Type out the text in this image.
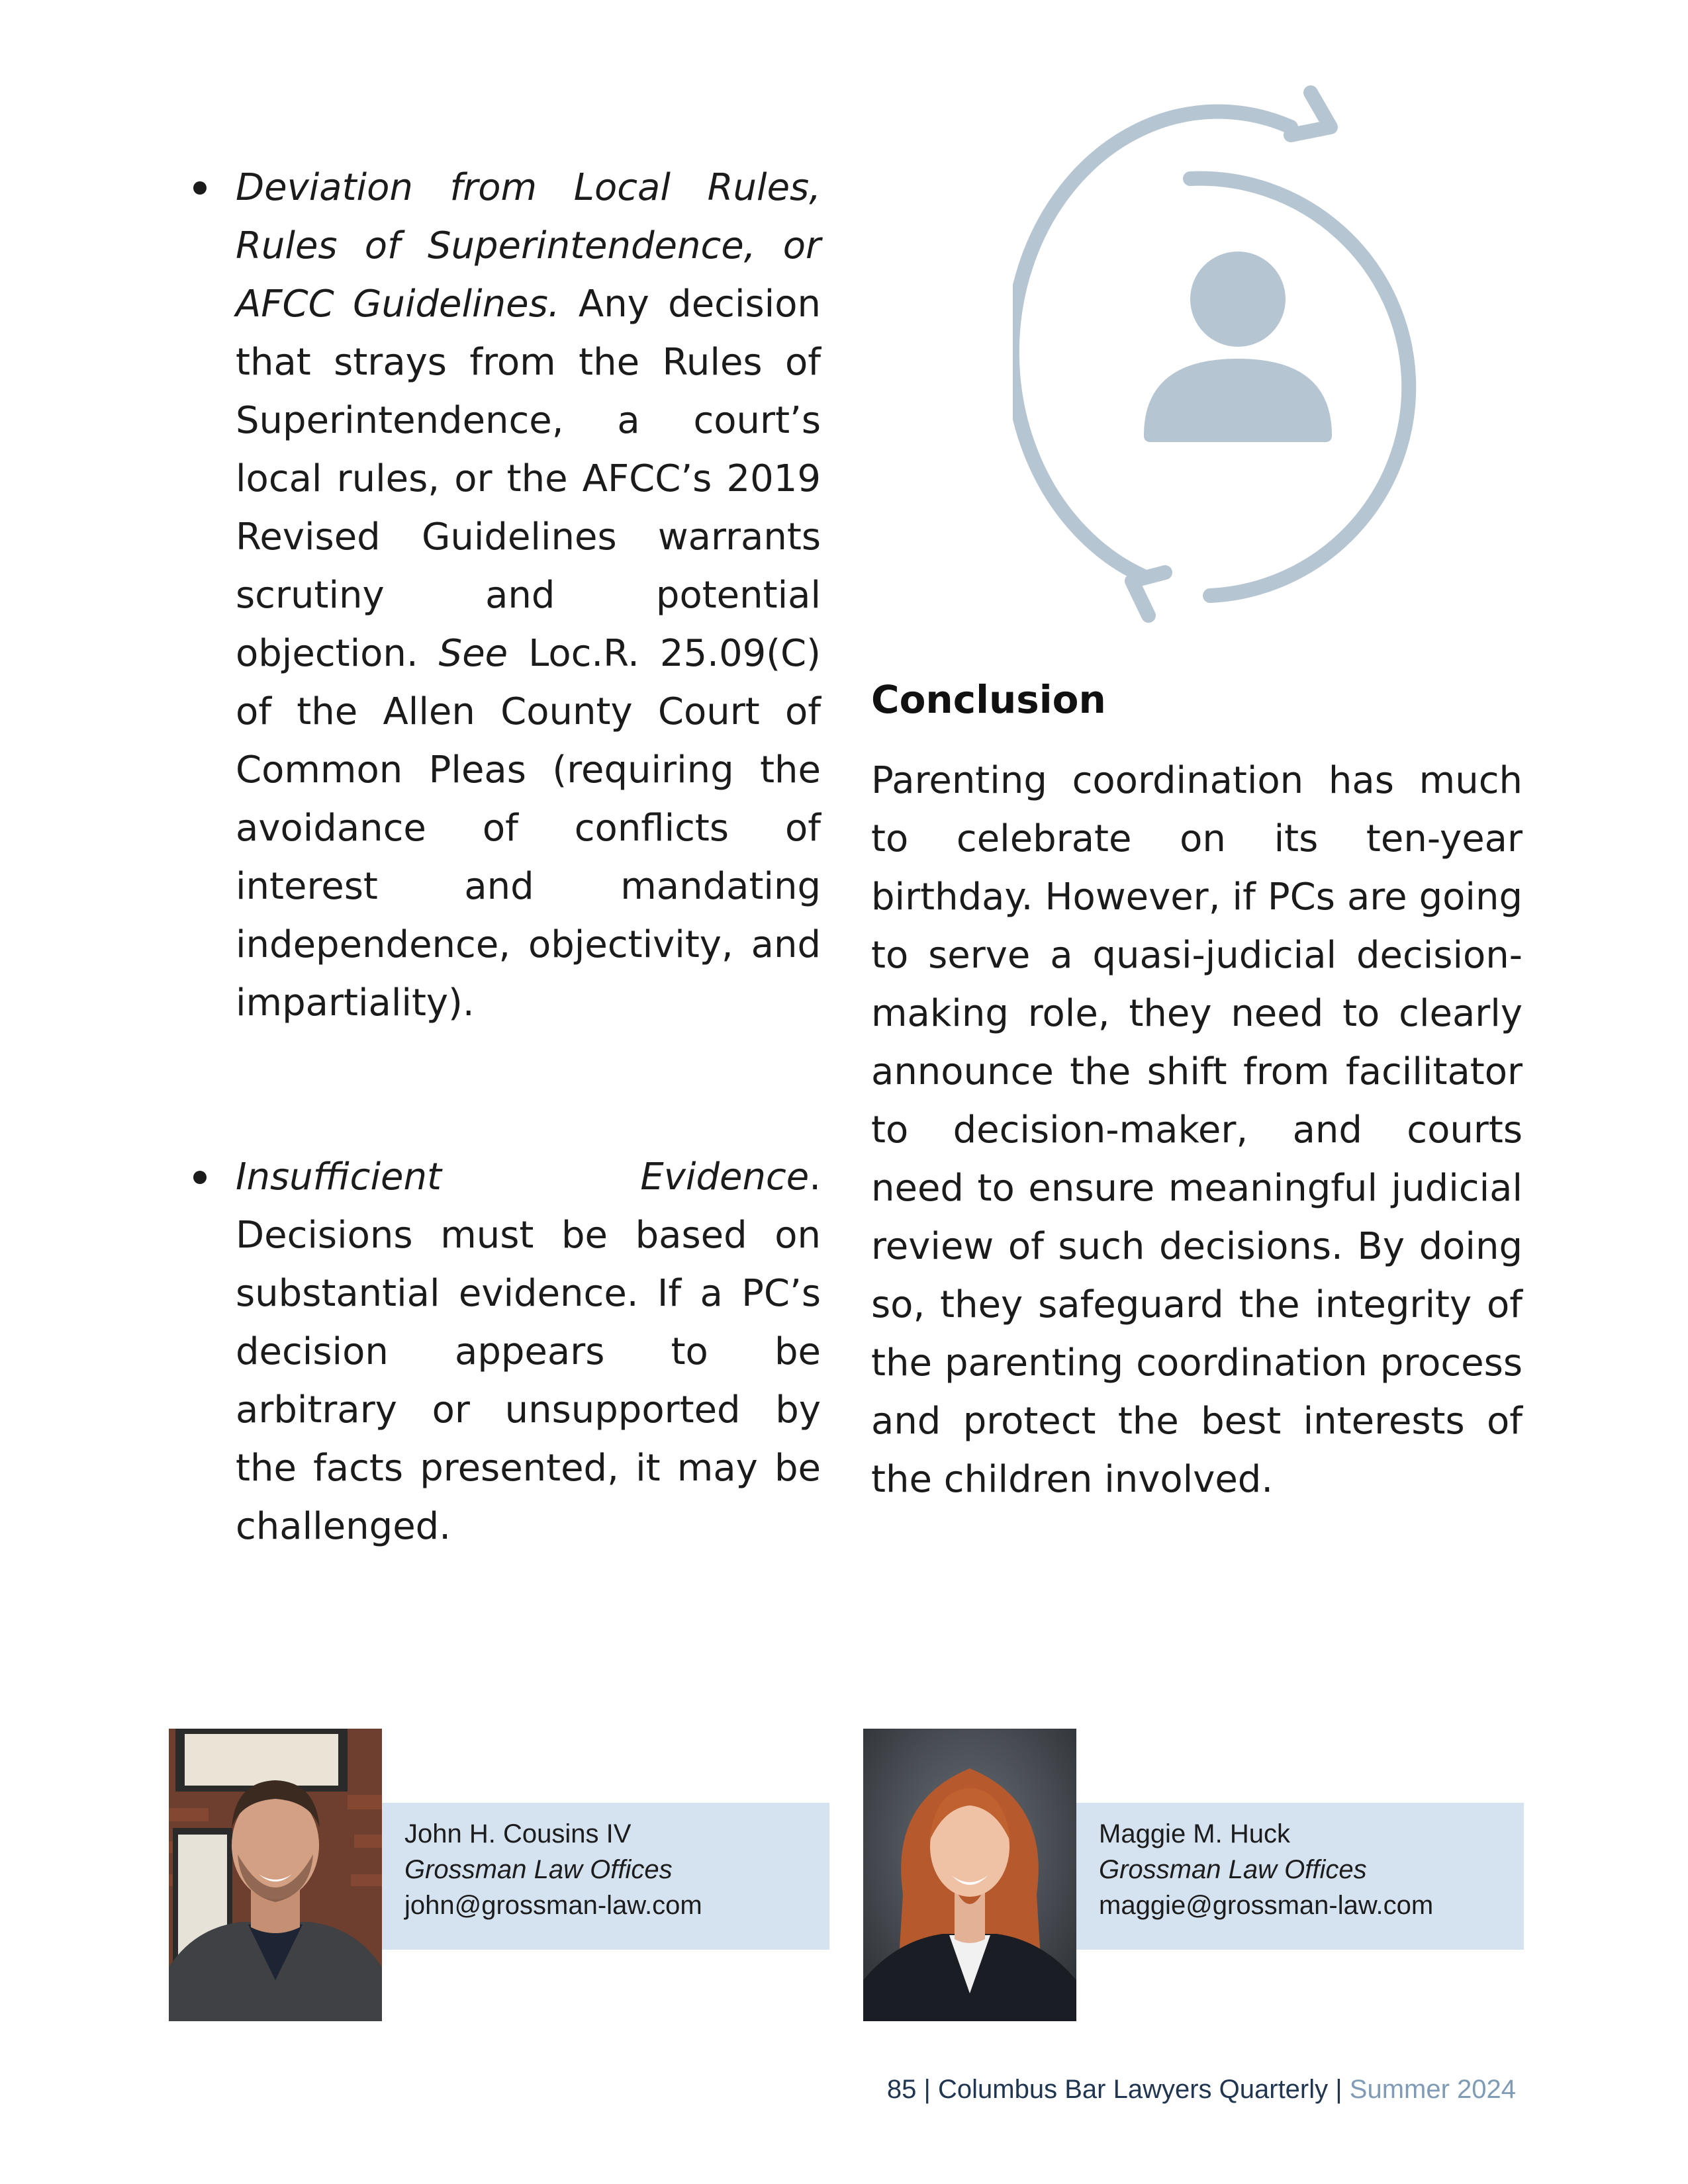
Deviation from Local Rules, Rules of Superintendence, or AFCC Guidelines. Any decision that strays from the Rules of Superintendence, a court’s local rules, or the AFCC’s 2019 Revised Guidelines warrants scrutiny and potential objection. See Loc.R. 25.09(C) of the Allen County Court of Common Pleas (requiring the avoidance of conflicts of interest and mandating independence, objectivity, and impartiality).
Insufficient Evidence. Decisions must be based on substantial evidence. If a PC’s decision appears to be arbitrary or unsupported by the facts presented, it may be challenged.
Conclusion
Parenting coordination has much to celebrate on its ten-year birthday. However, if PCs are going to serve a quasi-judicial decision-making role, they need to clearly announce the shift from facilitator to decision-maker, and courts need to ensure meaningful judicial review of such decisions. By doing so, they safeguard the integrity of the parenting coordination process and protect the best interests of the children involved.
John H. Cousins IV
Grossman Law Offices
john@grossman-law.com
Maggie M. Huck
Grossman Law Offices
maggie@grossman-law.com
85 | Columbus Bar Lawyers Quarterly | Summer 2024
